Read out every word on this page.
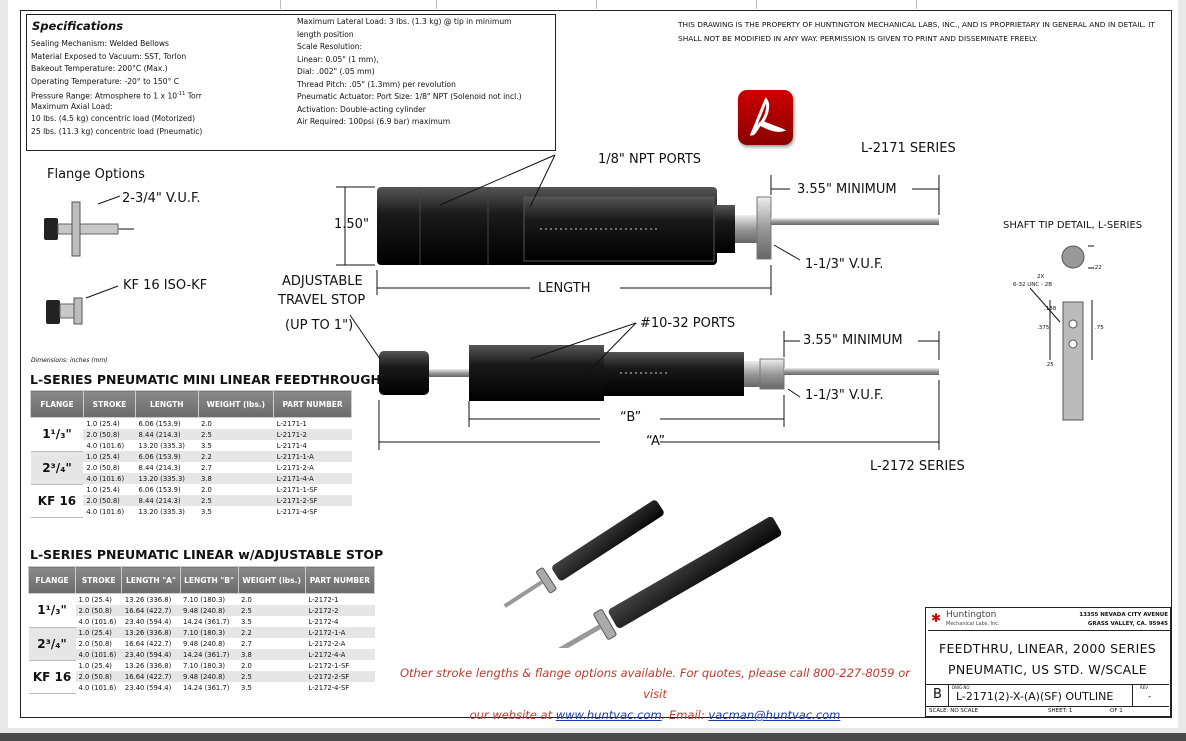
Specifications
Sealing Mechanism: Welded Bellows
Material Exposed to Vacuum: SST, Torlon
Bakeout Temperature: 200°C (Max.)
Operating Temperature: -20° to 150° C
Pressure Range: Atmosphere to 1 x $10^{-11}$ Torr
Maximum Axial Load:
10 lbs. (4.5 kg) concentric load (Motorized)
25 lbs. (11.3 kg) concentric load (Pneumatic)
Maximum Lateral Load: 3 lbs. (1.3 kg) @ tip in minimum
length position
Scale Resolution:
Linear: 0.05" (1 mm),
Dial: .002" (.05 mm)
Thread Pitch: .05" (1.3mm) per revolution
Pneumatic Actuator: Port Size: 1/8" NPT (Solenoid not incl.)
Activation: Double-acting cylinder
Air Required: 100psi (6.9 bar) maximum
THIS DRAWING IS THE PROPERTY OF HUNTINGTON MECHANICAL LABS, INC., AND IS PROPRIETARY IN GENERAL AND IN DETAIL. IT SHALL NOT BE MODIFIED IN ANY WAY. PERMISSION IS GIVEN TO PRINT AND DISSEMINATE FREELY.
Flange Options
2-3/4" V.U.F.
KF 16 ISO-KF
Dimensions: inches (mm)
1/8" NPT PORTS
L-2171 SERIES
1.50"
3.55" MINIMUM
1-1/3" V.U.F.
LENGTH
ADJUSTABLE
TRAVEL STOP
(UP TO 1")	#10-32 PORTS
3.55" MINIMUM
1-1/3" V.U.F.
“B”
“A”
L-2172 SERIES
SHAFT TIP DETAIL, L-SERIES
.22
2X
6-32 UNC - 2B
.188
.375	.75
.25
L-SERIES PNEUMATIC MINI LINEAR FEEDTHROUGH
FLANGE	STROKE	LENGTH	WEIGHT (lbs.)	PART NUMBER
1¹/₃"	1.0 (25.4)	6.06 (153.9)	2.0	L-2171-1
	2.0 (50.8)	8.44 (214.3)	2.5	L-2171-2
	4.0 (101.6)	13.20 (335.3)	3.5	L-2171-4
2³/₄"	1.0 (25.4)	6.06 (153.9)	2.2	L-2171-1-A
	2.0 (50.8)	8.44 (214.3)	2.7	L-2171-2-A
	4.0 (101.6)	13.20 (335.3)	3.8	L-2171-4-A
KF 16	1.0 (25.4)	6.06 (153.9)	2.0	L-2171-1-SF
	2.0 (50.8)	8.44 (214.3)	2.5	L-2171-2-SF
	4.0 (101.6)	13.20 (335.3)	3.5	L-2171-4-SF
L-SERIES PNEUMATIC LINEAR w/ADJUSTABLE STOP
FLANGE	STROKE	LENGTH "A"	LENGTH "B"	WEIGHT (lbs.)	PART NUMBER
1¹/₃"	1.0 (25.4)	13.26 (336.8)	7.10 (180.3)	2.0	L-2172-1
	2.0 (50.8)	16.64 (422.7)	9.48 (240.8)	2.5	L-2172-2
	4.0 (101.6)	23.40 (594.4)	14.24 (361.7)	3.5	L-2172-4
2³/₄"	1.0 (25.4)	13.26 (336.8)	7.10 (180.3)	2.2	L-2172-1-A
	2.0 (50.8)	16.64 (422.7)	9.48 (240.8)	2.7	L-2172-2-A
	4.0 (101.6)	23.40 (594.4)	14.24 (361.7)	3.8	L-2172-4-A
KF 16	1.0 (25.4)	13.26 (336.8)	7.10 (180.3)	2.0	L-2172-1-SF
	2.0 (50.8)	16.64 (422.7)	9.48 (240.8)	2.5	L-2172-2-SF
	4.0 (101.6)	23.40 (594.4)	14.24 (361.7)	3.5	L-2172-4-SF
Other stroke lengths & flange options available. For quotes, please call 800-227-8059 or visit
our website at www.huntvac.com. Email: vacman@huntvac.com
✱ Huntington
Mechanical Labs, Inc.
13355 NEVADA CITY AVENUE
GRASS VALLEY, CA. 95945
FEEDTHRU, LINEAR, 2000 SERIES
PNEUMATIC, US STD. W/SCALE
B	DWG NO.
L-2171(2)-X-(A)(SF) OUTLINE
REV
-
SCALE: NO SCALE	SHEET: 1	OF 1
